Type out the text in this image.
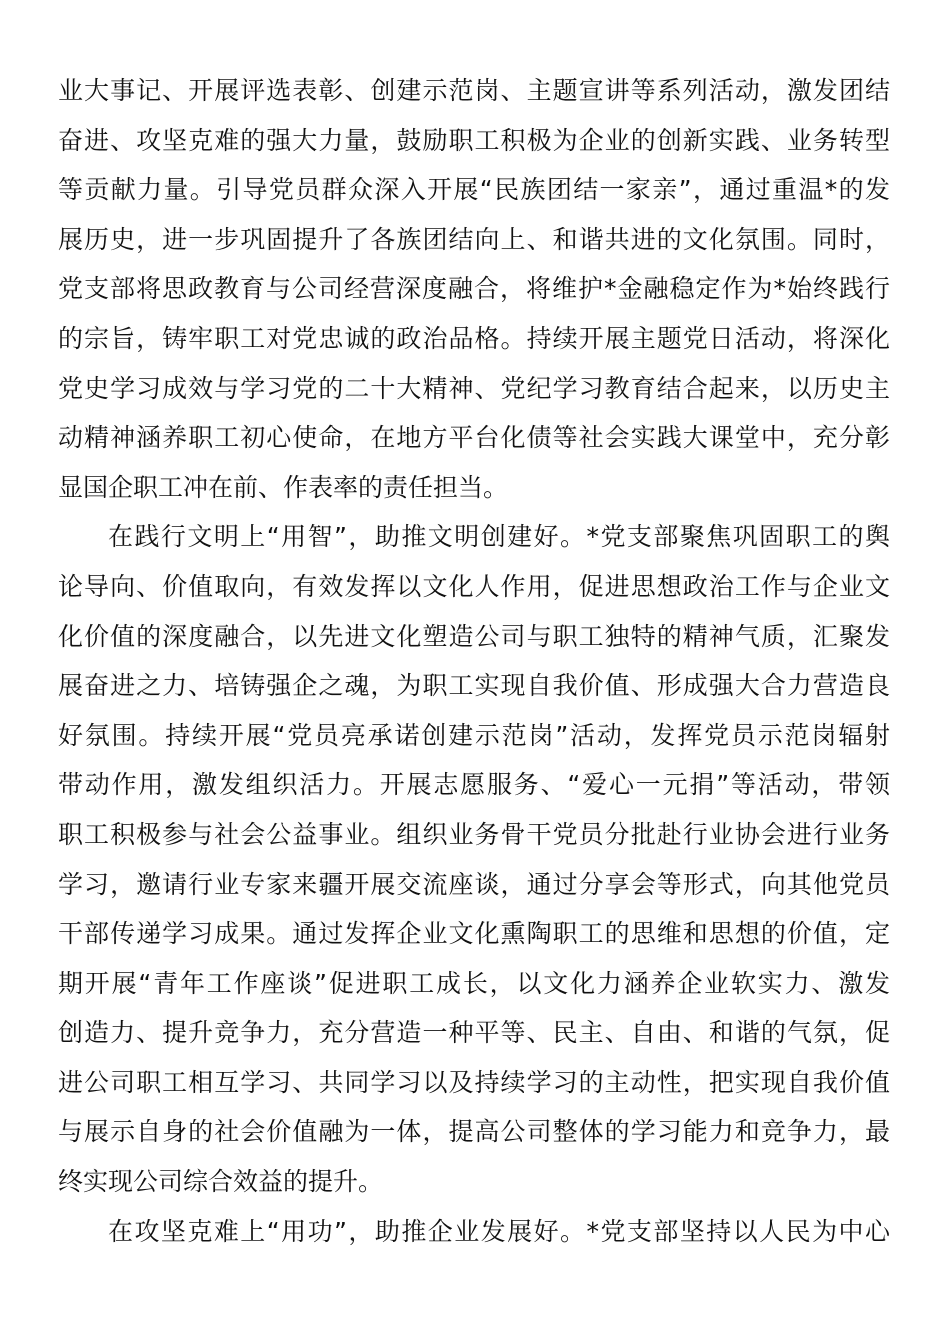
业大事记、开展评选表彰、创建示范岗、主题宣讲等系列活动，激发团结
奋进、攻坚克难的强大力量，鼓励职工积极为企业的创新实践、业务转型
等贡献力量。引导党员群众深入开展“民族团结一家亲”，通过重温*的发
展历史，进一步巩固提升了各族团结向上、和谐共进的文化氛围。同时，
党支部将思政教育与公司经营深度融合，将维护*金融稳定作为*始终践行
的宗旨，铸牢职工对党忠诚的政治品格。持续开展主题党日活动，将深化
党史学习成效与学习党的二十大精神、党纪学习教育结合起来，以历史主
动精神涵养职工初心使命，在地方平台化债等社会实践大课堂中，充分彰
显国企职工冲在前、作表率的责任担当。
在践行文明上“用智”，助推文明创建好。*党支部聚焦巩固职工的舆
论导向、价值取向，有效发挥以文化人作用，促进思想政治工作与企业文
化价值的深度融合，以先进文化塑造公司与职工独特的精神气质，汇聚发
展奋进之力、培铸强企之魂，为职工实现自我价值、形成强大合力营造良
好氛围。持续开展“党员亮承诺创建示范岗”活动，发挥党员示范岗辐射
带动作用，激发组织活力。开展志愿服务、“爱心一元捐”等活动，带领
职工积极参与社会公益事业。组织业务骨干党员分批赴行业协会进行业务
学习，邀请行业专家来疆开展交流座谈，通过分享会等形式，向其他党员
干部传递学习成果。通过发挥企业文化熏陶职工的思维和思想的价值，定
期开展“青年工作座谈”促进职工成长，以文化力涵养企业软实力、激发
创造力、提升竞争力，充分营造一种平等、民主、自由、和谐的气氛，促
进公司职工相互学习、共同学习以及持续学习的主动性，把实现自我价值
与展示自身的社会价值融为一体，提高公司整体的学习能力和竞争力，最
终实现公司综合效益的提升。
在攻坚克难上“用功”，助推企业发展好。*党支部坚持以人民为中心
